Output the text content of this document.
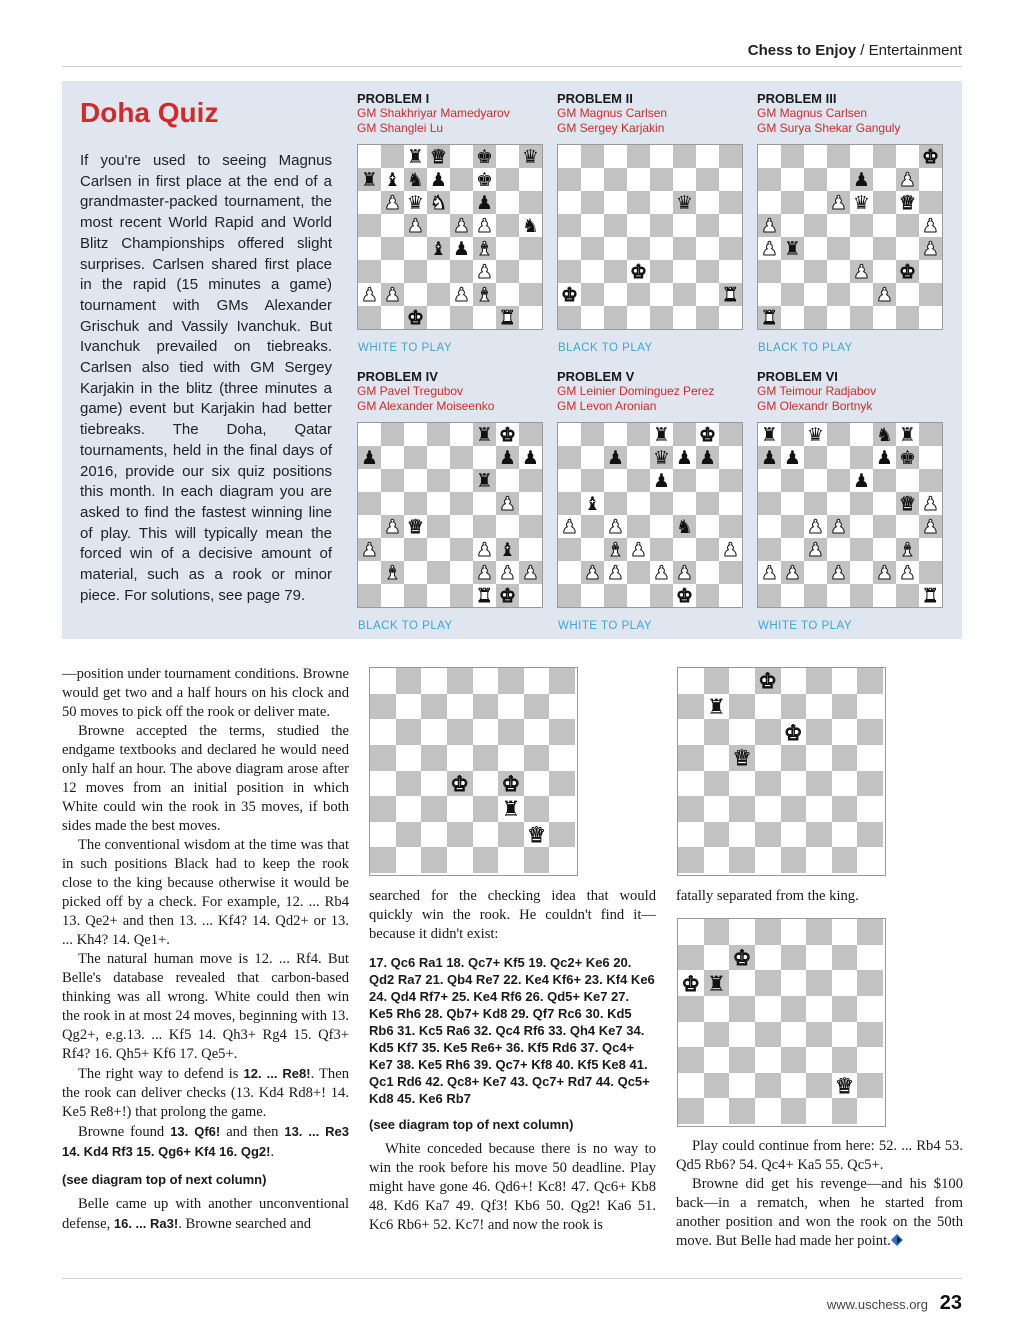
Chess to Enjoy / Entertainment
Doha Quiz

If you're used to seeing Magnus Carlsen in first place at the end of a grandmaster-packed tournament, the most recent World Rapid and World Blitz Championships offered slight surprises. Carlsen shared first place in the rapid (15 minutes a game) tournament with GMs Alexander Grischuk and Vassily Ivanchuk. But Ivanchuk prevailed on tiebreaks. Carlsen also tied with GM Sergey Karjakin in the blitz (three minutes a game) event but Karjakin had better tiebreaks. The Doha, Qatar tournaments, held in the final days of 2016, provide our six quiz positions this month. In each diagram you are asked to find the fastest winning line of play. This will typically mean the forced win of a decisive amount of material, such as a rook or minor piece. For solutions, see page 79.

PROBLEM I
GM Shakhriyar Mamedyarov
GM Shanglei Lu
♜ ♛ ♚ ♛
♜ ♝ ♞ ♟ ♚
♟ ♛ ♞ ♟
♟ ♟ ♟ ♞
♝ ♟ ♝
♟
♟ ♟	♟ ♝
♚	♜
WHITE TO PLAY
PROBLEM II
GM Magnus Carlsen
GM Sergey Karjakin
♛
♚
♚	♜
BLACK TO PLAY
PROBLEM III
GM Magnus Carlsen
GM Surya Shekar Ganguly
♚
♟ ♟
♟ ♛ ♛
♟	♟
♟ ♜	♟
♟ ♚
♟
♜
BLACK TO PLAY
PROBLEM IV
GM Pavel Tregubov
GM Alexander Moiseenko
♜ ♚
♟	♟ ♟
♜
♟
♟ ♛
♟	♟ ♝
♝	♟ ♟ ♟
♜ ♚
BLACK TO PLAY
PROBLEM V
GM Leinier Dominguez Perez
GM Levon Aronian
♜ ♚
♟ ♛ ♟ ♟
♟
♝
♟ ♟	♞
♟	♟
♝
♟ ♟ ♟ ♟
♚
WHITE TO PLAY
PROBLEM VI
GM Teimour Radjabov
GM Olexandr Bortnyk
♜ ♛	♞ ♜
♟ ♟	♟ ♚
♟
♛ ♟
♟ ♟	♟
♟	♝
♟ ♟ ♟ ♟ ♟
♜
WHITE TO PLAY

—position under tournament conditions. Browne would get two and a half hours on his clock and 50 moves to pick off the rook or deliver mate.

Browne accepted the terms, studied the endgame textbooks and declared he would need only half an hour. The above diagram arose after 12 moves from an initial position in which White could win the rook in 35 moves, if both sides made the best moves.

The conventional wisdom at the time was that in such positions Black had to keep the rook close to the king because otherwise it would be picked off by a check. For example, 12. ... Rb4 13. Qe2+ and then 13. ... Kf4? 14. Qd2+ or 13. ... Kh4? 14. Qe1+.

The natural human move is 12. ... Rf4. But Belle's database revealed that carbon-based thinking was all wrong. White could then win the rook in at most 24 moves, beginning with 13. Qg2+, e.g.13. ... Kf5 14. Qh3+ Rg4 15. Qf3+ Rf4? 16. Qh5+ Kf6 17. Qe5+.

The right way to defend is 12. ... Re8!. Then the rook can deliver checks (13. Kd4 Rd8+! 14. Ke5 Re8+!) that prolong the game.

Browne found 13. Qf6! and then 13. ... Re3 14. Kd4 Rf3 15. Qg6+ Kf4 16. Qg2!.

(see diagram top of next column)

Belle came up with another unconventional defense, 16. ... Ra3!. Browne searched and

♚ ♚
♜
♛

searched for the checking idea that would quickly win the rook. He couldn't find it—because it didn't exist:

17. Qc6 Ra1 18. Qc7+ Kf5 19. Qc2+ Ke6 20. Qd2 Ra7 21. Qb4 Re7 22. Ke4 Kf6+ 23. Kf4 Ke6 24. Qd4 Rf7+ 25. Ke4 Rf6 26. Qd5+ Ke7 27. Ke5 Rh6 28. Qb7+ Kd8 29. Qf7 Rc6 30. Kd5 Rb6 31. Kc5 Ra6 32. Qc4 Rf6 33. Qh4 Ke7 34. Kd5 Kf7 35. Ke5 Re6+ 36. Kf5 Rd6 37. Qc4+ Ke7 38. Ke5 Rh6 39. Qc7+ Kf8 40. Kf5 Ke8 41. Qc1 Rd6 42. Qc8+ Ke7 43. Qc7+ Rd7 44. Qc5+ Kd8 45. Ke6 Rb7

(see diagram top of next column)

White conceded because there is no way to win the rook before his move 50 deadline. Play might have gone 46. Qd6+! Kc8! 47. Qc6+ Kb8 48. Kd6 Ka7 49. Qf3! Kb6 50. Qg2! Ka6 51. Kc6 Rb6+ 52. Kc7! and now the rook is

♚
♜
♚
♛

fatally separated from the king.

♚
♚ ♜
♛

Play could continue from here: 52. ... Rb4 53. Qd5 Rb6? 54. Qc4+ Ka5 55. Qc5+.

Browne did get his revenge—and his $100 back—in a rematch, when he started from another position and won the rook on the 50th move. But Belle had made her point.

www.uschess.org 23
